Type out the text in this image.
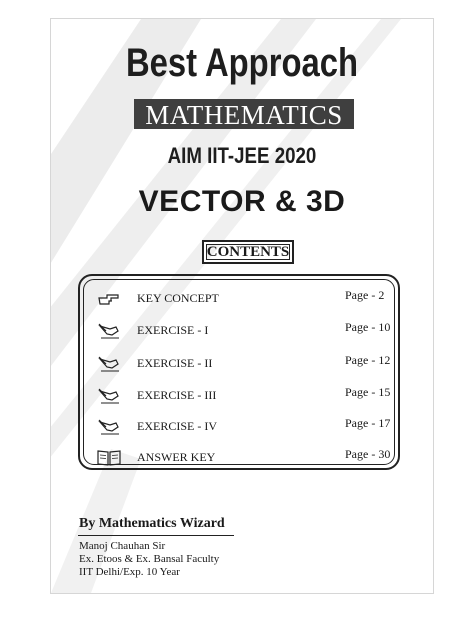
Best Approach
MATHEMATICS
AIM IIT-JEE 2020
VECTOR & 3D
CONTENTS
KEY CONCEPT	Page - 2
EXERCISE - I	Page - 10
EXERCISE - II	Page - 12
EXERCISE - III	Page - 15
EXERCISE - IV	Page - 17
ANSWER KEY	Page - 30
By Mathematics Wizard
Manoj Chauhan Sir
Ex. Etoos & Ex. Bansal Faculty
IIT Delhi/Exp. 10 Year
